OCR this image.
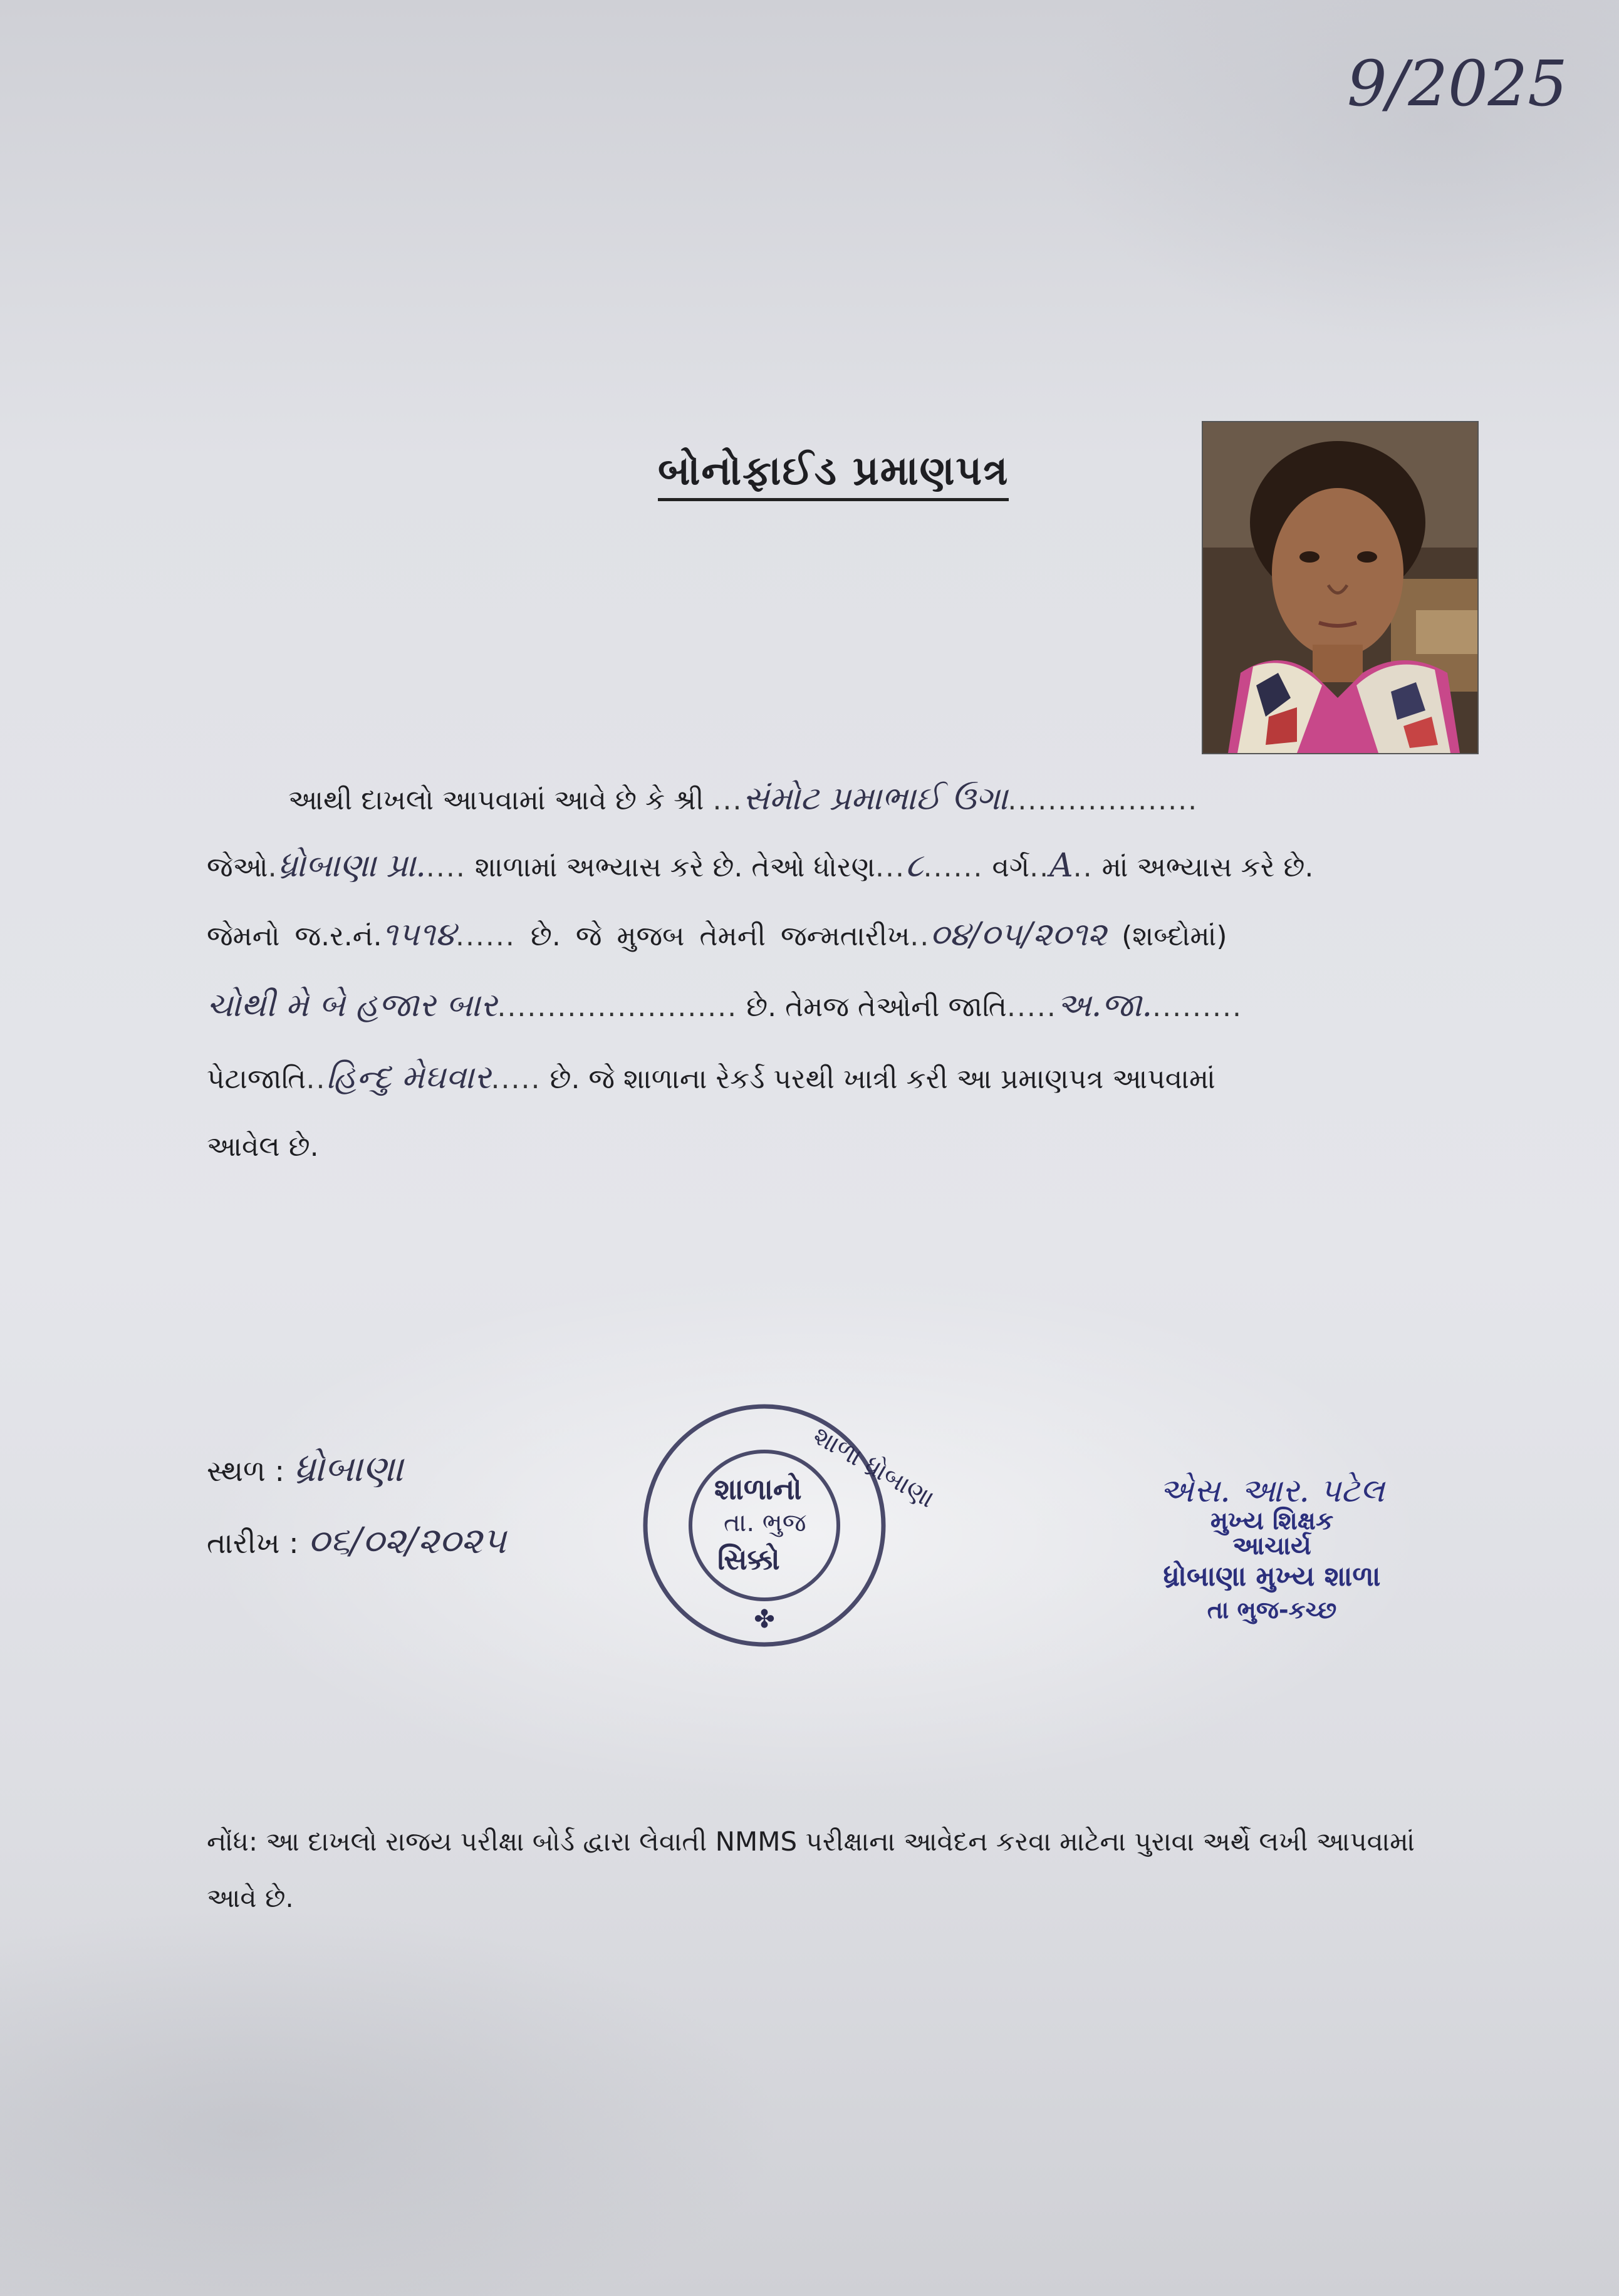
9/2025
બોનોફાઈડ પ્રમાણપત્ર
આથી દાખલો આપવામાં આવે છે કે શ્રી ...સંમોટ પ્રમાભાઈ ઉગા...................
જેઓ.ધ્રોબાણા પ્રા..... શાળામાં અભ્યાસ કરે છે. તેઓ ધોરણ...૮...... વર્ગ..A.. માં અભ્યાસ કરે છે.
જેમનો જ.ર.નં.૧૫૧૪...... છે. જે મુજબ તેમની જન્મતારીખ..૦૪/૦૫/૨૦૧૨ (શબ્દોમાં)
ચોથી મે બે હજાર બાર........................ છે. તેમજ તેઓની જાતિ.....અ.જા..........
પેટાજાતિ..હિન્દુ મેઘવાર..... છે. જે શાળાના રેકર્ડ પરથી ખાત્રી કરી આ પ્રમાણપત્ર આપવામાં
આવેલ છે.
સ્થળ : ધ્રોબાણા
તારીખ : ૦૬/૦૨/૨૦૨૫
શાળા ધ્રોબાણા
✤
શાળાનો
તા. ભુજ
સિક્કો
એસ. આર. પટેલ
મુખ્ય શિક્ષક
આચાર્ય
ધ્રોબાણા મુખ્ય શાળા
તા ભુજ-કચ્છ
નોંધ: આ દાખલો રાજય પરીક્ષા બોર્ડ દ્વારા લેવાતી NMMS પરીક્ષાના આવેદન કરવા માટેના પુરાવા અર્થે લખી આપવામાં આવે છે.
